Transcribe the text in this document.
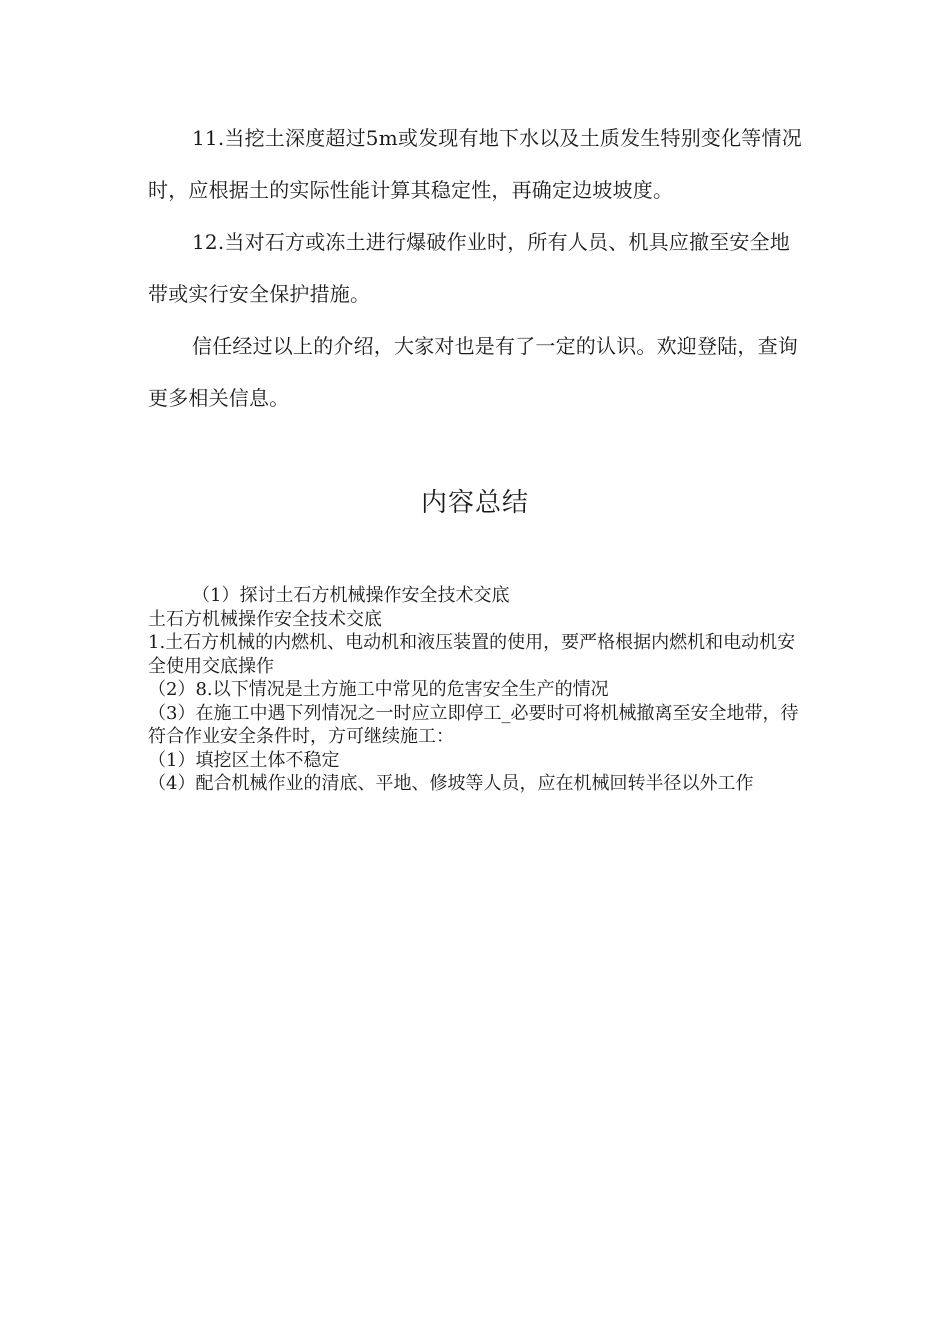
11.当挖土深度超过5m或发现有地下水以及土质发生特别变化等情况时，应根据土的实际性能计算其稳定性，再确定边坡坡度。

12.当对石方或冻土进行爆破作业时，所有人员、机具应撤至安全地带或实行安全保护措施。

信任经过以上的介绍，大家对也是有了一定的认识。欢迎登陆，查询更多相关信息。

内容总结
（1）探讨土石方机械操作安全技术交底
土石方机械操作安全技术交底
1.土石方机械的内燃机、电动机和液压装置的使用，要严格根据内燃机和电动机安全使用交底操作
（2）8.以下情况是土方施工中常见的危害安全生产的情况
（3）在施工中遇下列情况之一时应立即停工_必要时可将机械撤离至安全地带，待符合作业安全条件时，方可继续施工：
（1）填挖区土体不稳定
（4）配合机械作业的清底、平地、修坡等人员，应在机械回转半径以外工作
